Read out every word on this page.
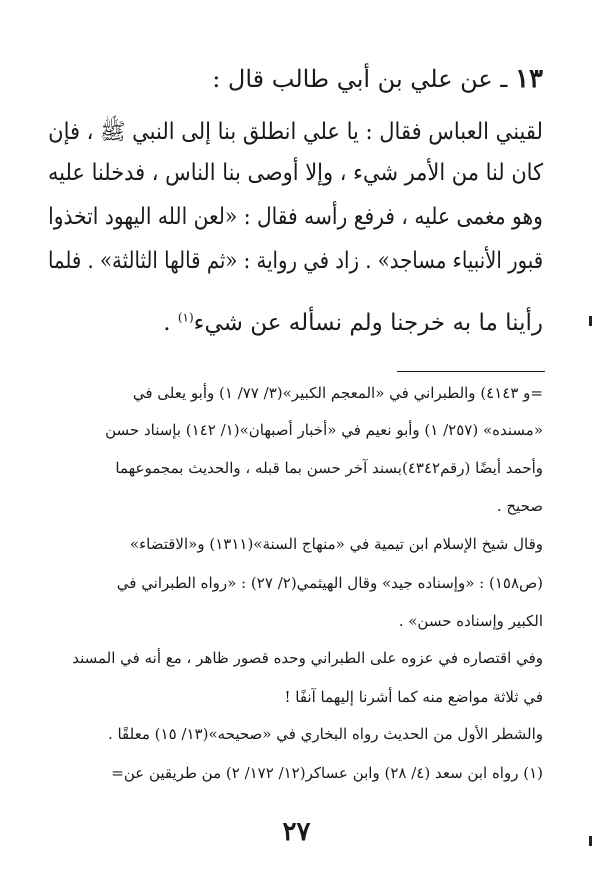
١٣ ـ عن علي بن أبي طالب قال :
لقيني العباس فقال : يا علي انطلق بنا إلى النبي ﷺ ، فإن
كان لنا من الأمر شيء ، وإلا أوصى بنا الناس ، فدخلنا عليه
وهو مغمى عليه ، فرفع رأسه فقال : «لعن الله اليهود اتخذوا
قبور الأنبياء مساجد» . زاد في رواية : «ثم قالها الثالثة» . فلما
رأينا ما به خرجنا ولم نسأله عن شيء$^{(١)}$ .
=و ٤١٤٣) والطبراني في «المعجم الكبير»(٣/ ٧٧/ ١) وأبو يعلى في
«مسنده» (٢٥٧/ ١) وأبو نعيم في «أخبار أصبهان»(١/ ١٤٢) بإسناد حسن
وأحمد أيضًا (رقم٤٣٤٢)بسند آخر حسن بما قبله ، والحديث بمجموعهما
صحيح .
وقال شيخ الإسلام ابن تيمية في «منهاج السنة»(١٣١١) و«الاقتضاء»
(ص١٥٨) : «وإسناده جيد» وقال الهيثمي(٢/ ٢٧) : «رواه الطبراني في
الكبير وإسناده حسن» .
وفي اقتصاره في عزوه على الطبراني وحده قصور ظاهر ، مع أنه في المسند
في ثلاثة مواضع منه كما أشرنا إليهما آنفًا !
والشطر الأول من الحديث رواه البخاري في «صحيحه»(١٣/ ١٥) معلقًا .
(١) رواه ابن سعد (٤/ ٢٨) وابن عساكر(١٢/ ١٧٢/ ٢) من طريقين عن=
٢٧
